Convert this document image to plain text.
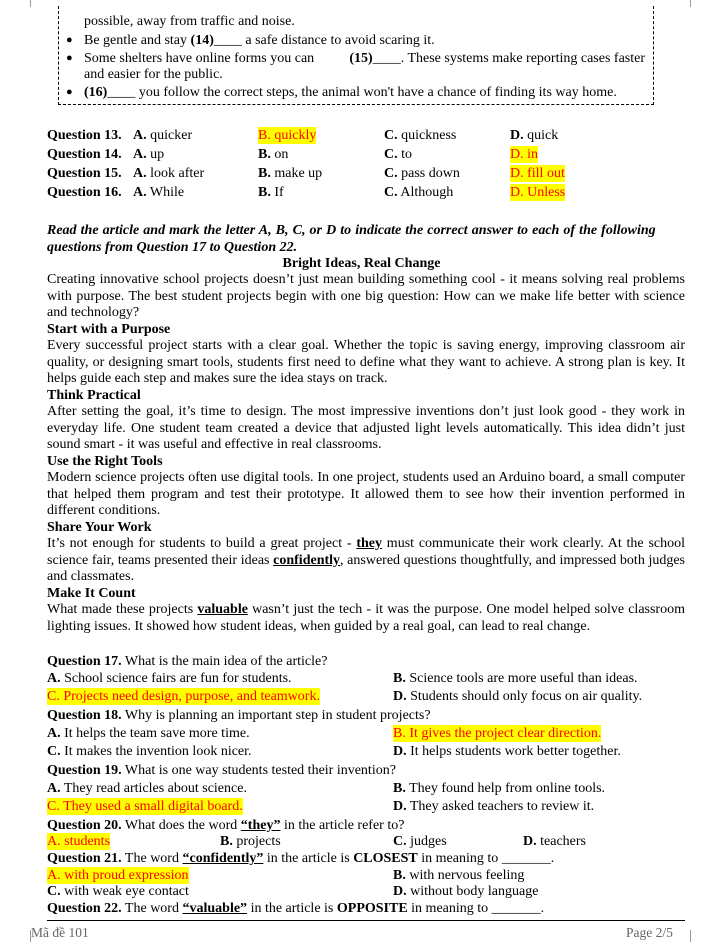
possible, away from traffic and noise.
● Be gentle and stay (14)____ a safe distance to avoid scaring it.
● Some shelters have online forms you can	(15)____. These systems make reporting cases faster
and easier for the public.
● (16)____ you follow the correct steps, the animal won't have a chance of finding its way home.
Question 13. A. quicker	B. quickly	C. quickness	D. quick
Question 14. A. up	B. on	C. to	D. in
Question 15. A. look after	B. make up	C. pass down	D. fill out
Question 16. A. While	B. If	C. Although	D. Unless
Read the article and mark the letter A, B, C, or D to indicate the correct answer to each of the following
questions from Question 17 to Question 22.
Bright Ideas, Real Change

Creating innovative school projects doesn’t just mean building something cool - it means solving real problems with purpose. The best student projects begin with one big question: How can we make life better with science and technology?

Start with a Purpose

Every successful project starts with a clear goal. Whether the topic is saving energy, improving classroom air quality, or designing smart tools, students first need to define what they want to achieve. A strong plan is key. It helps guide each step and makes sure the idea stays on track.

Think Practical

After setting the goal, it’s time to design. The most impressive inventions don’t just look good - they work in everyday life. One student team created a device that adjusted light levels automatically. This idea didn’t just sound smart - it was useful and effective in real classrooms.

Use the Right Tools

Modern science projects often use digital tools. In one project, students used an Arduino board, a small computer that helped them program and test their prototype. It allowed them to see how their invention performed in different conditions.

Share Your Work

It’s not enough for students to build a great project - they must communicate their work clearly. At the school science fair, teams presented their ideas confidently, answered questions thoughtfully, and impressed both judges and classmates.

Make It Count

What made these projects valuable wasn’t just the tech - it was the purpose. One model helped solve classroom lighting issues. It showed how student ideas, when guided by a real goal, can lead to real change.

Question 17. What is the main idea of the article?
A. School science fairs are fun for students.	B. Science tools are more useful than ideas.
C. Projects need design, purpose, and teamwork.	D. Students should only focus on air quality.
Question 18. Why is planning an important step in student projects?
A. It helps the team save more time.	B. It gives the project clear direction.
C. It makes the invention look nicer.	D. It helps students work better together.
Question 19. What is one way students tested their invention?
A. They read articles about science.	B. They found help from online tools.
C. They used a small digital board.	D. They asked teachers to review it.
Question 20. What does the word “they” in the article refer to?
A. students	B. projects	C. judges	D. teachers
Question 21. The word “confidently” in the article is CLOSEST in meaning to _______.
A. with proud expression	B. with nervous feeling
C. with weak eye contact	D. without body language
Question 22. The word “valuable” in the article is OPPOSITE in meaning to _______.
Mã đề 101	Page 2/5
